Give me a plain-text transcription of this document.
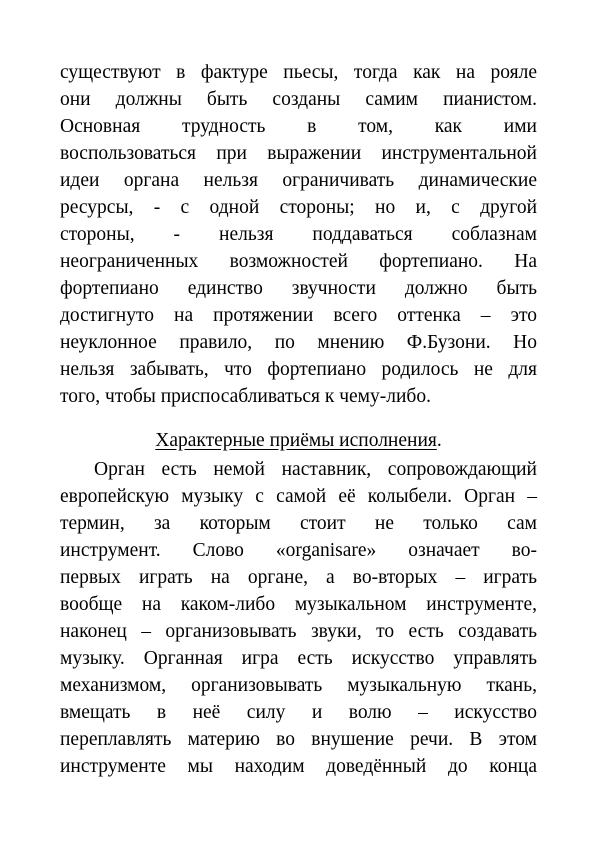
существуют в фактуре пьесы, тогда как на рояле
они должны быть созданы самим пианистом.
Основная трудность в том, как ими
воспользоваться при выражении инструментальной
идеи органа нельзя ограничивать динамические
ресурсы, - с одной стороны; но и, с другой
стороны, - нельзя поддаваться соблазнам
неограниченных возможностей фортепиано. На
фортепиано единство звучности должно быть
достигнуто на протяжении всего оттенка – это
неуклонное правило, по мнению Ф.Бузони. Но
нельзя забывать, что фортепиано родилось не для
того, чтобы приспосабливаться к чему-либо.
Характерные приёмы исполнения.
Орган есть немой наставник, сопровождающий
европейскую музыку с самой её колыбели. Орган –
термин, за которым стоит не только сам
инструмент. Слово «organisare» означает во-
первых играть на органе, а во-вторых – играть
вообще на каком-либо музыкальном инструменте,
наконец – организовывать звуки, то есть создавать
музыку. Органная игра есть искусство управлять
механизмом, организовывать музыкальную ткань,
вмещать в неё силу и волю – искусство
переплавлять материю во внушение речи. В этом
инструменте мы находим доведённый до конца
